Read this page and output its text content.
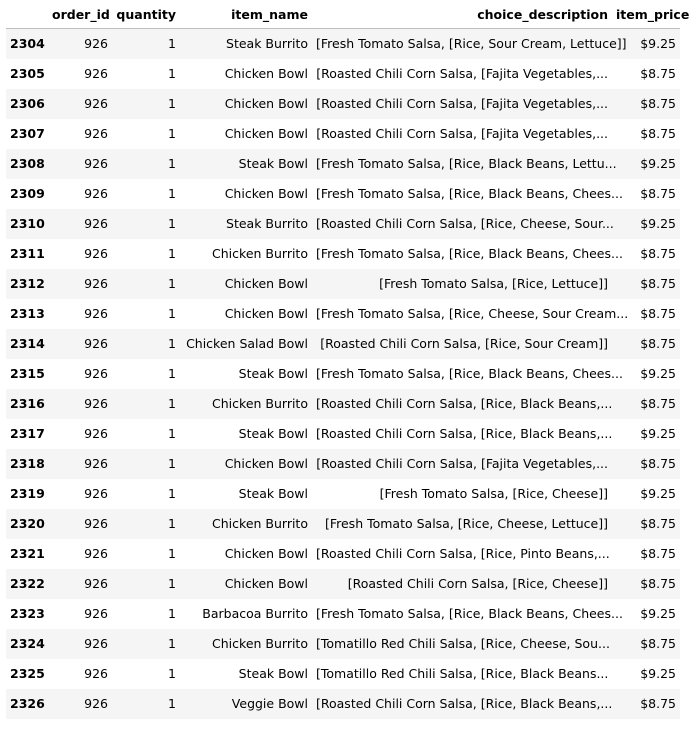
	order_id	quantity	item_name	choice_description	item_price
2304	926	1	Steak Burrito	[Fresh Tomato Salsa, [Rice, Sour Cream, Lettuce]]	$9.25
2305	926	1	Chicken Bowl	[Roasted Chili Corn Salsa, [Fajita Vegetables,...	$8.75
2306	926	1	Chicken Bowl	[Roasted Chili Corn Salsa, [Fajita Vegetables,...	$8.75
2307	926	1	Chicken Bowl	[Roasted Chili Corn Salsa, [Fajita Vegetables,...	$8.75
2308	926	1	Steak Bowl	[Fresh Tomato Salsa, [Rice, Black Beans, Lettu...	$9.25
2309	926	1	Chicken Bowl	[Fresh Tomato Salsa, [Rice, Black Beans, Chees...	$8.75
2310	926	1	Steak Burrito	[Roasted Chili Corn Salsa, [Rice, Cheese, Sour...	$9.25
2311	926	1	Chicken Burrito	[Fresh Tomato Salsa, [Rice, Black Beans, Chees...	$8.75
2312	926	1	Chicken Bowl	[Fresh Tomato Salsa, [Rice, Lettuce]]	$8.75
2313	926	1	Chicken Bowl	[Fresh Tomato Salsa, [Rice, Cheese, Sour Cream...	$8.75
2314	926	1	Chicken Salad Bowl	[Roasted Chili Corn Salsa, [Rice, Sour Cream]]	$8.75
2315	926	1	Steak Bowl	[Fresh Tomato Salsa, [Rice, Black Beans, Chees...	$9.25
2316	926	1	Chicken Burrito	[Roasted Chili Corn Salsa, [Rice, Black Beans,...	$8.75
2317	926	1	Steak Bowl	[Roasted Chili Corn Salsa, [Rice, Black Beans,...	$9.25
2318	926	1	Chicken Bowl	[Roasted Chili Corn Salsa, [Fajita Vegetables,...	$8.75
2319	926	1	Steak Bowl	[Fresh Tomato Salsa, [Rice, Cheese]]	$9.25
2320	926	1	Chicken Burrito	[Fresh Tomato Salsa, [Rice, Cheese, Lettuce]]	$8.75
2321	926	1	Chicken Bowl	[Roasted Chili Corn Salsa, [Rice, Pinto Beans,...	$8.75
2322	926	1	Chicken Bowl	[Roasted Chili Corn Salsa, [Rice, Cheese]]	$8.75
2323	926	1	Barbacoa Burrito	[Fresh Tomato Salsa, [Rice, Black Beans, Chees...	$9.25
2324	926	1	Chicken Burrito	[Tomatillo Red Chili Salsa, [Rice, Cheese, Sou...	$8.75
2325	926	1	Steak Bowl	[Tomatillo Red Chili Salsa, [Rice, Black Beans...	$9.25
2326	926	1	Veggie Bowl	[Roasted Chili Corn Salsa, [Rice, Black Beans,...	$8.75
